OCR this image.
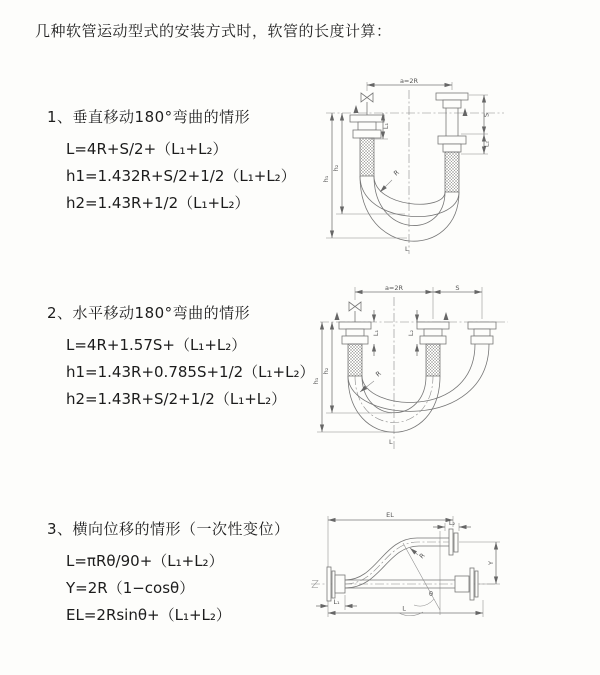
几种软管运动型式的安装方式时，软管的长度计算：
1、垂直移动180°弯曲的情形
L=4R+S/2+（L₁+L₂）
h1=1.432R+S/2+1/2（L₁+L₂）
h2=1.43R+1/2（L₁+L₂）
2、水平移动180°弯曲的情形
L=4R+1.57S+（L₁+L₂）
h1=1.43R+0.785S+1/2（L₁+L₂）
h2=1.43R+S/2+1/2（L₁+L₂）
3、横向位移的情形（一次性变位）
L=πRθ/90+（L₁+L₂）
Y=2R（1−cosθ）
EL=2Rsinθ+（L₁+L₂）
a=2R
h₁
h₂
L₁
S
L₂
R
L
a=2R	S
L₁	L₂
h₁
h₂	R
L
EL
L₂
Y
L
L₁
R
θ
